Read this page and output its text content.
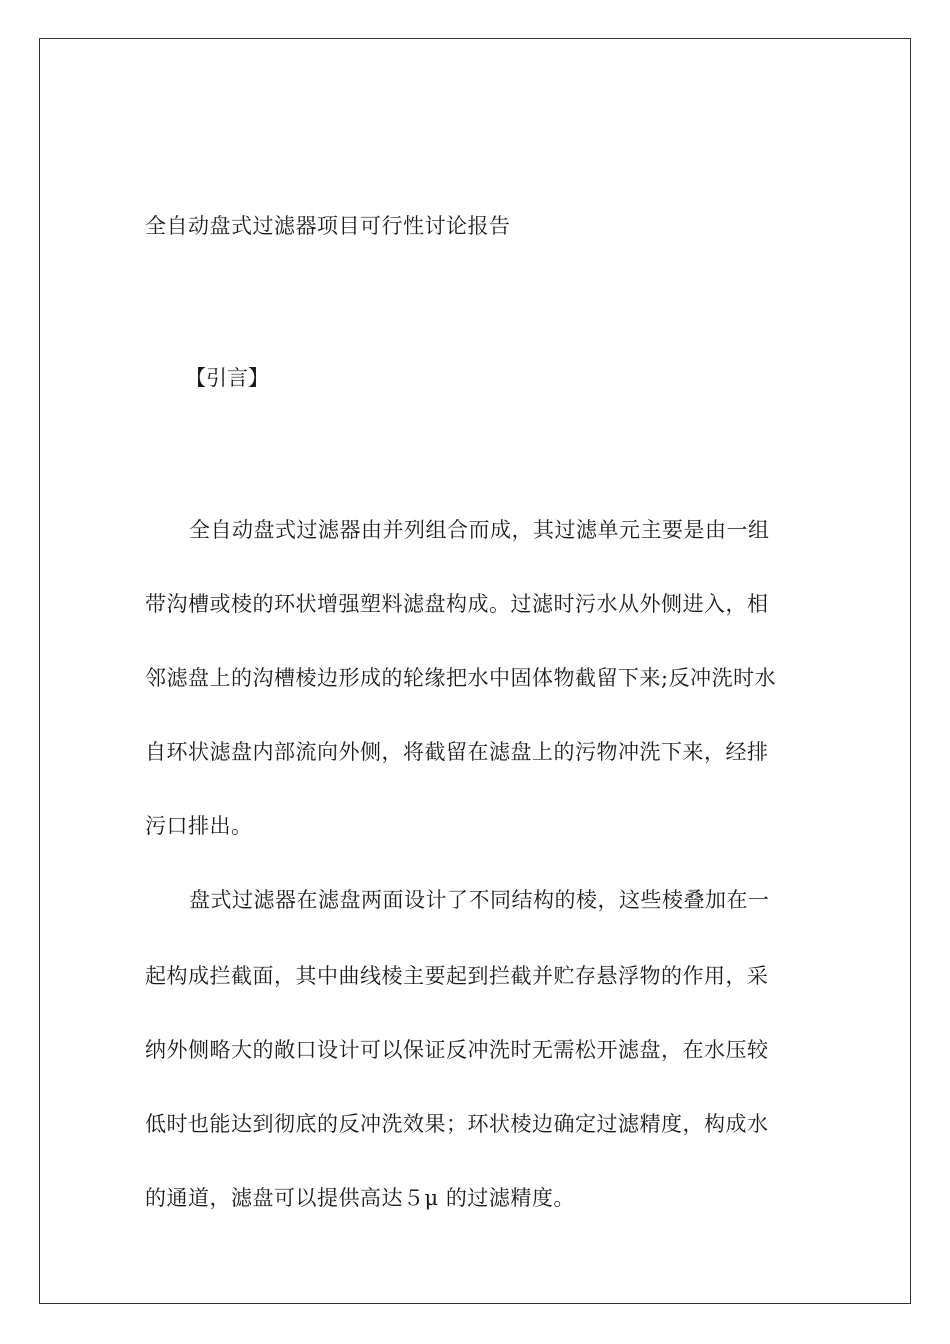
全自动盘式过滤器项目可行性讨论报告
【引言】

全自动盘式过滤器由并列组合而成，其过滤单元主要是由一组

带沟槽或棱的环状增强塑料滤盘构成。过滤时污水从外侧进入，相

邻滤盘上的沟槽棱边形成的轮缘把水中固体物截留下来;反冲洗时水

自环状滤盘内部流向外侧，将截留在滤盘上的污物冲洗下来，经排

污口排出。

盘式过滤器在滤盘两面设计了不同结构的棱，这些棱叠加在一

起构成拦截面，其中曲线棱主要起到拦截并贮存悬浮物的作用，采

纳外侧略大的敞口设计可以保证反冲洗时无需松开滤盘，在水压较

低时也能达到彻底的反冲洗效果；环状棱边确定过滤精度，构成水

的通道，滤盘可以提供高达５μ 的过滤精度。
